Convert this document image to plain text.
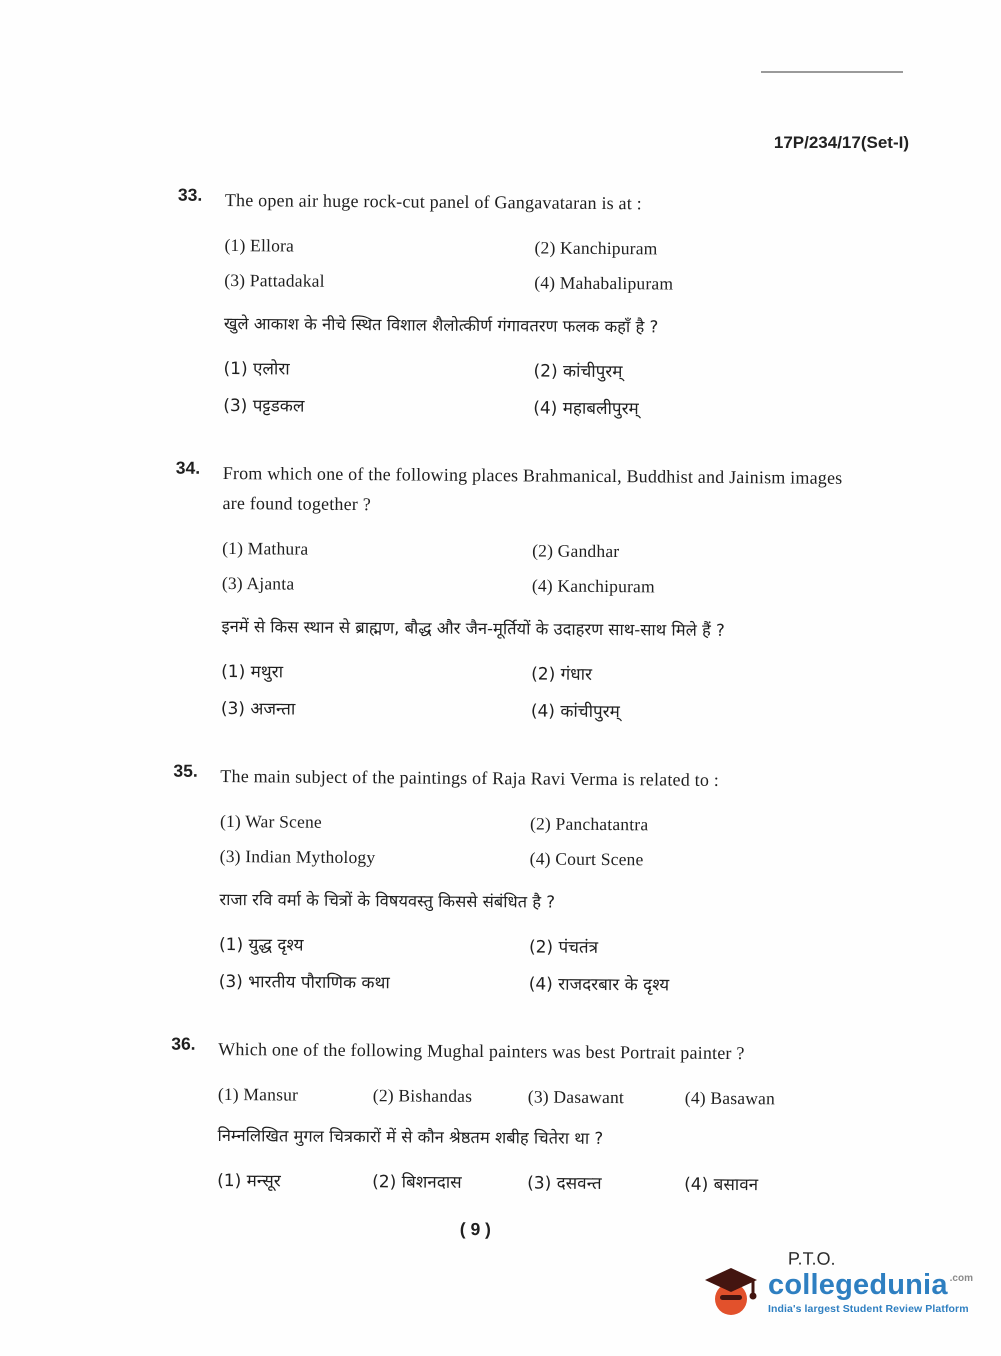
17P/234/17(Set-I)
33. The open air huge rock-cut panel of Gangavataran is at :
(1) Ellora	(2) Kanchipuram
(3) Pattadakal	(4) Mahabalipuram
खुले आकाश के नीचे स्थित विशाल शैलोत्कीर्ण गंगावतरण फलक कहाँ है ?
(1) एलोरा	(2) कांचीपुरम्
(3) पट्टडकल	(4) महाबलीपुरम्
34. From which one of the following places Brahmanical, Buddhist and Jainism images are found together ?
(1) Mathura	(2) Gandhar
(3) Ajanta	(4) Kanchipuram
इनमें से किस स्थान से ब्राह्मण, बौद्ध और जैन-मूर्तियों के उदाहरण साथ-साथ मिले हैं ?
(1) मथुरा	(2) गंधार
(3) अजन्ता	(4) कांचीपुरम्
35. The main subject of the paintings of Raja Ravi Verma is related to :
(1) War Scene	(2) Panchatantra
(3) Indian Mythology	(4) Court Scene
राजा रवि वर्मा के चित्रों के विषयवस्तु किससे संबंधित है ?
(1) युद्ध दृश्य	(2) पंचतंत्र
(3) भारतीय पौराणिक कथा	(4) राजदरबार के दृश्य
36. Which one of the following Mughal painters was best Portrait painter ?
(1) Mansur	(2) Bishandas	(3) Dasawant	(4) Basawan
निम्नलिखित मुगल चित्रकारों में से कौन श्रेष्ठतम शबीह चितेरा था ?
(1) मन्सूर	(2) बिशनदास	(3) दसवन्त	(4) बसावन
( 9 )
P.T.O.
collegedunia .com
India's largest Student Review Platform
